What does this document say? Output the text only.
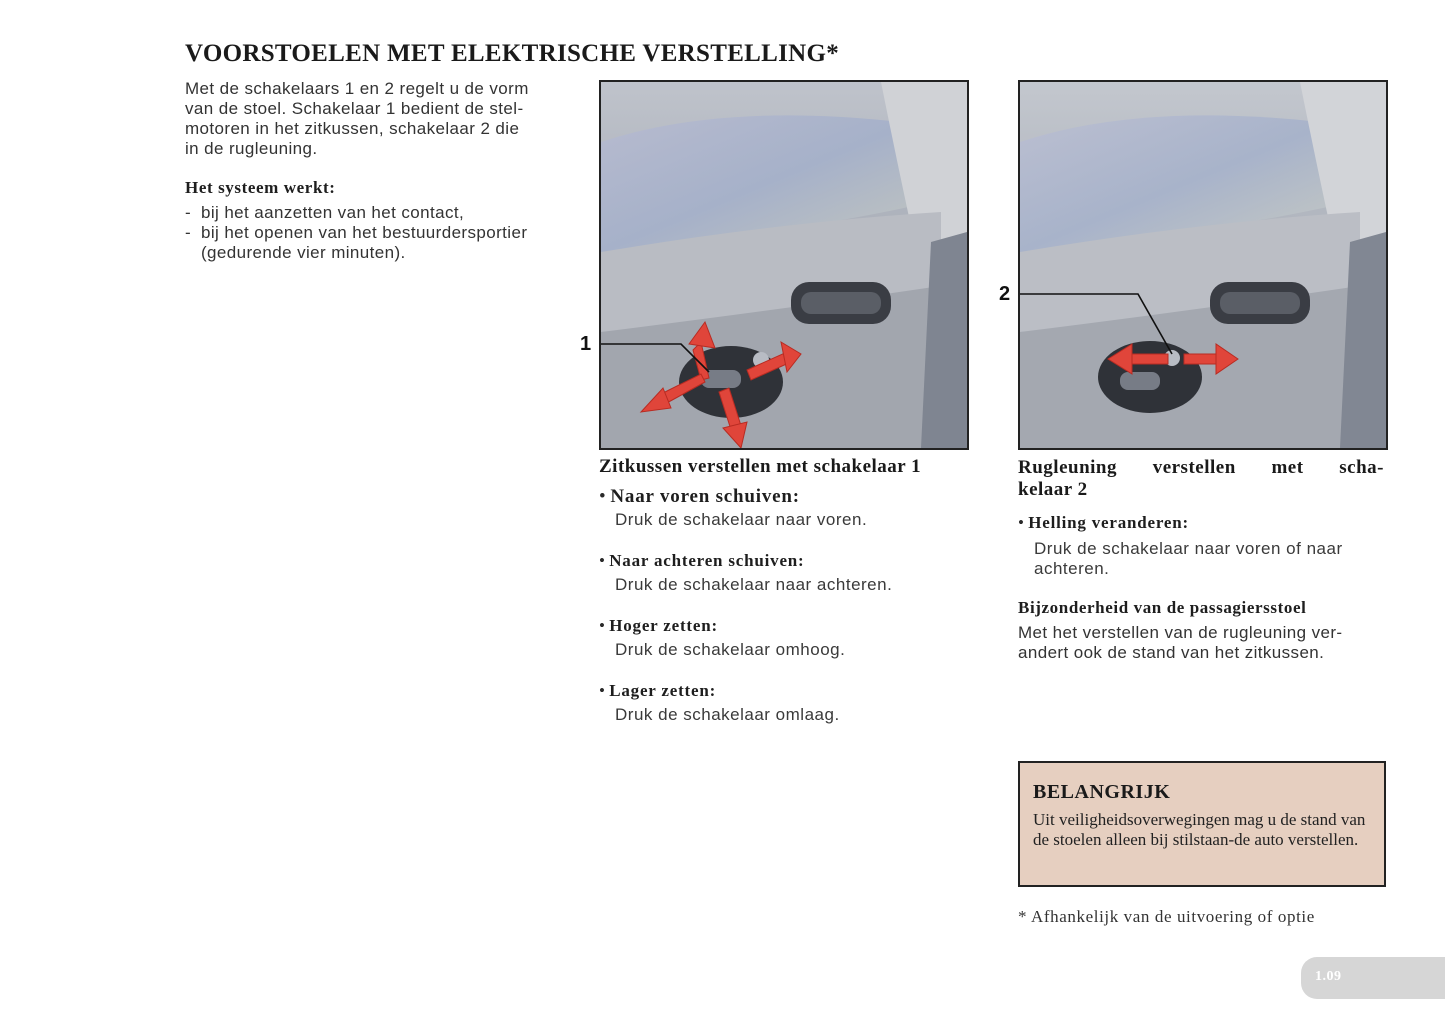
VOORSTOELEN MET ELEKTRISCHE VERSTELLING*

Met de schakelaars 1 en 2 regelt u de vorm

van de stoel. Schakelaar 1 bedient de stel-

motoren in het zitkussen, schakelaar 2 die

in de rugleuning.

Het systeem werkt:
- bij het aanzetten van het contact,
- bij het openen van het bestuurdersportier (gedurende vier minuten).
1
2
Zitkussen verstellen met schakelaar 1
• Naar voren schuiven:
Druk de schakelaar naar voren.
• Naar achteren schuiven:
Druk de schakelaar naar achteren.
• Hoger zetten:
Druk de schakelaar omhoog.
• Lager zetten:
Druk de schakelaar omlaag.
Rugleuning verstellen met scha-
kelaar 2
• Helling veranderen:
Druk de schakelaar naar voren of naar achteren.
Bijzonderheid van de passagiersstoel
Met het verstellen van de rugleuning ver-andert ook de stand van het zitkussen.
BELANGRIJK
Uit veiligheidsoverwegingen mag u de stand van de stoelen alleen bij stilstaan-de auto verstellen.
* Afhankelijk van de uitvoering of optie
1.09
